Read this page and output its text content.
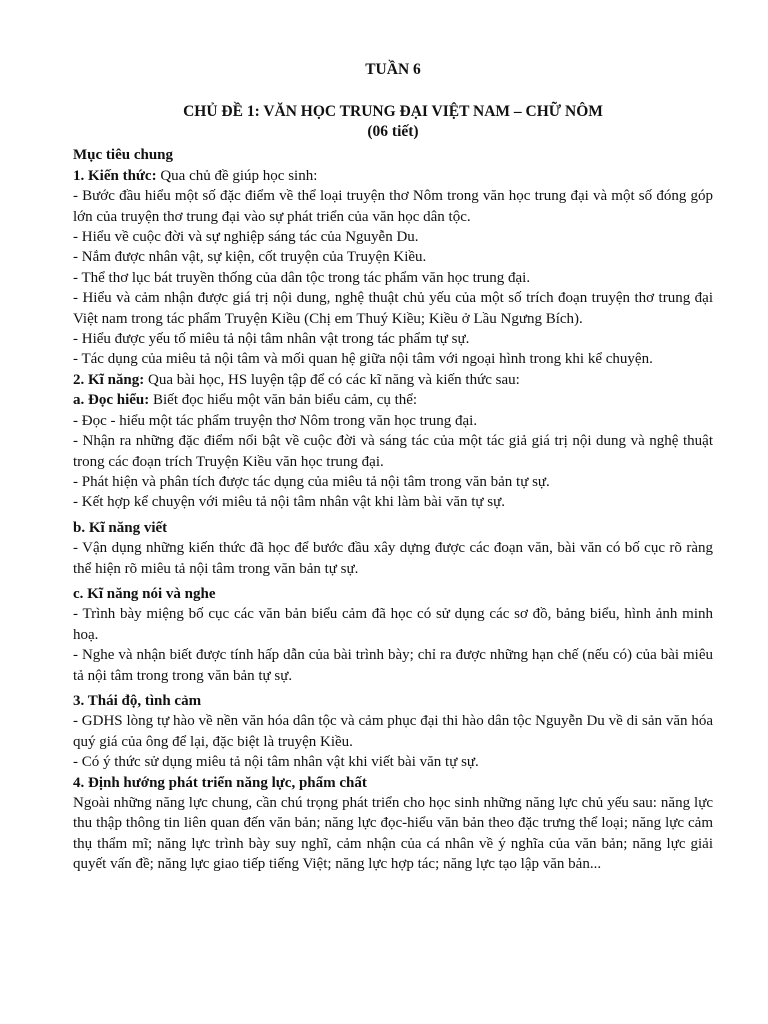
TUẦN 6
CHỦ ĐỀ 1: VĂN HỌC TRUNG ĐẠI VIỆT NAM – CHỮ NÔM
(06 tiết)
Mục tiêu chung
1. Kiến thức: Qua chủ đề giúp học sinh:
- Bước đầu hiểu một số đặc điểm về thể loại truyện thơ Nôm trong văn học trung đại và một số đóng góp lớn của truyện thơ trung đại vào sự phát triển của văn học dân tộc.
- Hiểu về cuộc đời và sự nghiệp sáng tác của Nguyễn Du.
- Nắm được nhân vật, sự kiện, cốt truyện của Truyện Kiều.
- Thể thơ lục bát truyền thống của dân tộc trong tác phẩm văn học trung đại.
- Hiểu và cảm nhận được giá trị nội dung, nghệ thuật chủ yếu của một số trích đoạn truyện thơ trung đại Việt nam trong tác phẩm Truyện Kiều (Chị em Thuý Kiều; Kiều ở Lầu Ngưng Bích).
- Hiểu được yếu tố miêu tả nội tâm nhân vật trong tác phẩm tự sự.
- Tác dụng của miêu tả nội tâm và mối quan hệ giữa nội tâm với ngoại hình trong khi kể chuyện.
2. Kĩ năng: Qua bài học, HS luyện tập để có các kĩ năng và kiến thức sau:
a. Đọc hiểu: Biết đọc hiểu một văn bản biểu cảm, cụ thể:
- Đọc - hiểu một tác phẩm truyện thơ Nôm trong văn học trung đại.
- Nhận ra những đặc điểm nổi bật về cuộc đời và sáng tác của một tác giả giá trị nội dung và nghệ thuật trong các đoạn trích Truyện Kiều văn học trung đại.
- Phát hiện và phân tích được tác dụng của miêu tả nội tâm trong văn bản tự sự.
- Kết hợp kể chuyện với miêu tả nội tâm nhân vật khi làm bài văn tự sự.
b. Kĩ năng viết
- Vận dụng những kiến thức đã học để bước đầu xây dựng được các đoạn văn, bài văn có bố cục rõ ràng thể hiện rõ miêu tả nội tâm trong văn bản tự sự.
c. Kĩ năng nói và nghe
- Trình bày miệng bố cục các văn bản biểu cảm đã học có sử dụng các sơ đồ, bảng biểu, hình ảnh minh hoạ.
- Nghe và nhận biết được tính hấp dẫn của bài trình bày; chỉ ra được những hạn chế (nếu có) của bài miêu tả nội tâm trong trong văn bản tự sự.
3. Thái độ, tình cảm
- GDHS lòng tự hào về nền văn hóa dân tộc và cảm phục đại thi hào dân tộc Nguyễn Du về di sản văn hóa quý giá của ông để lại, đặc biệt là truyện Kiều.
- Có ý thức sử dụng miêu tả nội tâm nhân vật khi viết bài văn tự sự.
4. Định hướng phát triển năng lực, phẩm chất
Ngoài những năng lực chung, cần chú trọng phát triển cho học sinh những năng lực chủ yếu sau: năng lực thu thập thông tin liên quan đến văn bản; năng lực đọc-hiểu văn bản theo đặc trưng thể loại; năng lực cảm thụ thẩm mĩ; năng lực trình bày suy nghĩ, cảm nhận của cá nhân về ý nghĩa của văn bản; năng lực giải quyết vấn đề; năng lực giao tiếp tiếng Việt; năng lực hợp tác; năng lực tạo lập văn bản...
